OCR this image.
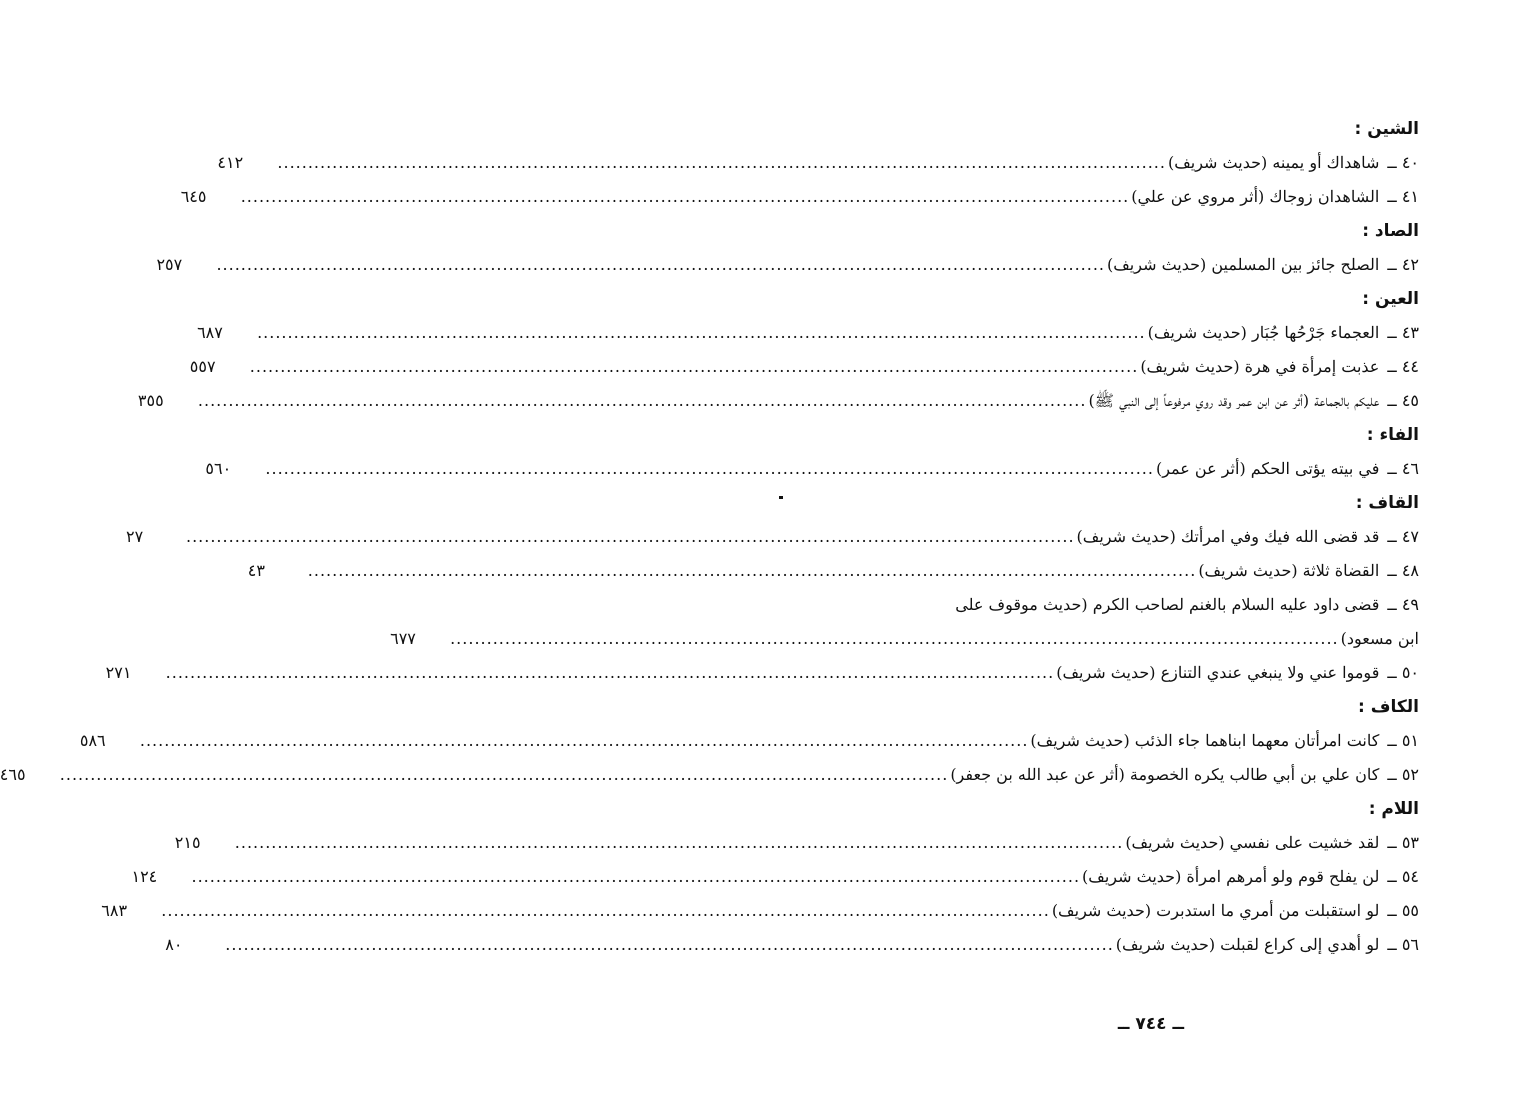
الشين :
٤٠ ــ
شاهداك أو يمينه (حديث شريف)
.....
٤١٢
٤١ ــ
الشاهدان زوجاك (أثر مروي عن علي)
.....
٦٤٥
الصاد :
٤٢ ــ
الصلح جائز بين المسلمين (حديث شريف)
.....
٢٥٧
العين :
٤٣ ــ
العجماء جَرْحُها جُبَار (حديث شريف)
.....
٦٨٧
٤٤ ــ
عذبت إمرأة في هرة (حديث شريف)
.....
٥٥٧
٤٥ ــ
عليكم بالجماعة (أثر عن ابن عمر وقد روي مرفوعاً إلى النبي ﷺ)
.....
٣٥٥
الفاء :
٤٦ ــ
في بيته يؤتى الحكم (أثر عن عمر)
.....
٥٦٠
القاف :
٤٧ ــ
قد قضى الله فيك وفي امرأتك (حديث شريف)
.....
٢٧
٤٨ ــ
القضاة ثلاثة (حديث شريف)
.....
٤٣
٤٩ ــ
قضى داود عليه السلام بالغنم لصاحب الكرم (حديث موقوف على
ابن مسعود)
.....
٦٧٧
٥٠ ــ
قوموا عني ولا ينبغي عندي التنازع (حديث شريف)
.....
٢٧١
الكاف :
٥١ ــ
كانت امرأتان معهما ابناهما جاء الذئب (حديث شريف)
.....
٥٨٦
٥٢ ــ
كان علي بن أبي طالب يكره الخصومة (أثر عن عبد الله بن جعفر)
.....
٤٦٥
اللام :
٥٣ ــ
لقد خشيت على نفسي (حديث شريف)
.....
٢١٥
٥٤ ــ
لن يفلح قوم ولو أمرهم امرأة (حديث شريف)
.....
١٢٤
٥٥ ــ
لو استقبلت من أمري ما استدبرت (حديث شريف)
.....
٦٨٣
٥٦ ــ
لو أهدي إلى كراع لقبلت (حديث شريف)
.....
٨٠
ــ ٧٤٤ ــ
